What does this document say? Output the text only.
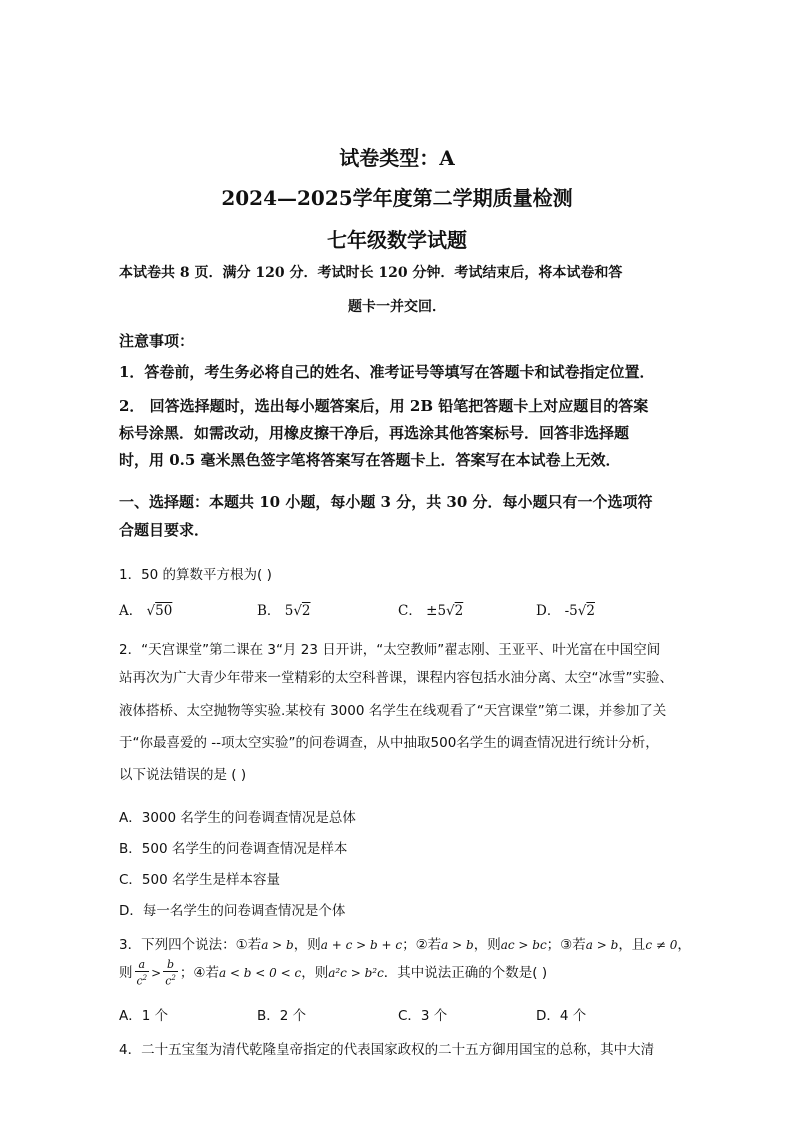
试卷类型：A
2024—2025学年度第二学期质量检测
七年级数学试题
本试卷共 8 页．满分 120 分．考试时长 120 分钟．考试结束后，将本试卷和答
题卡一并交回．
注意事项：
1．答卷前，考生务必将自己的姓名、准考证号等填写在答题卡和试卷指定位置．
2． 回答选择题时，选出每小题答案后，用 2B 铅笔把答题卡上对应题目的答案
标号涂黑．如需改动，用橡皮擦干净后，再选涂其他答案标号．回答非选择题
时，用 0.5 毫米黑色签字笔将答案写在答题卡上．答案写在本试卷上无效．
一、选择题：本题共 10 小题，每小题 3 分，共 30 分．每小题只有一个选项符
合题目要求．
1．50 的算数平方根为( )
A． √50	B． 5√2	C． ±5√2	D． -5√2
2．“天宫课堂”第二课在 3“月 23 日开讲，“太空教师”翟志刚、王亚平、叶光富在中国空间
站再次为广大青少年带来一堂精彩的太空科普课，课程内容包括水油分离、太空“冰雪”实验、
液体搭桥、太空抛物等实验.某校有 3000 名学生在线观看了“天宫课堂”第二课，并参加了关
于“你最喜爱的 --项太空实验”的问卷调查，从中抽取500名学生的调查情况进行统计分析，
以下说法错误的是 ( )
A．3000 名学生的问卷调查情况是总体
B．500 名学生的问卷调查情况是样本
C．500 名学生是样本容量
D．每一名学生的问卷调查情况是个体
3．下列四个说法：①若a > b，则a + c > b + c；②若a > b，则ac > bc；③若a > b，且c ≠ 0，
则 $\frac{a}{c^2} > \frac{b}{c^2}$ ；④若a < b < 0 < c，则a²c > b²c．其中说法正确的个数是( )
A．1 个	B．2 个	C．3 个	D．4 个
4．二十五宝玺为清代乾隆皇帝指定的代表国家政权的二十五方御用国宝的总称，其中大清
